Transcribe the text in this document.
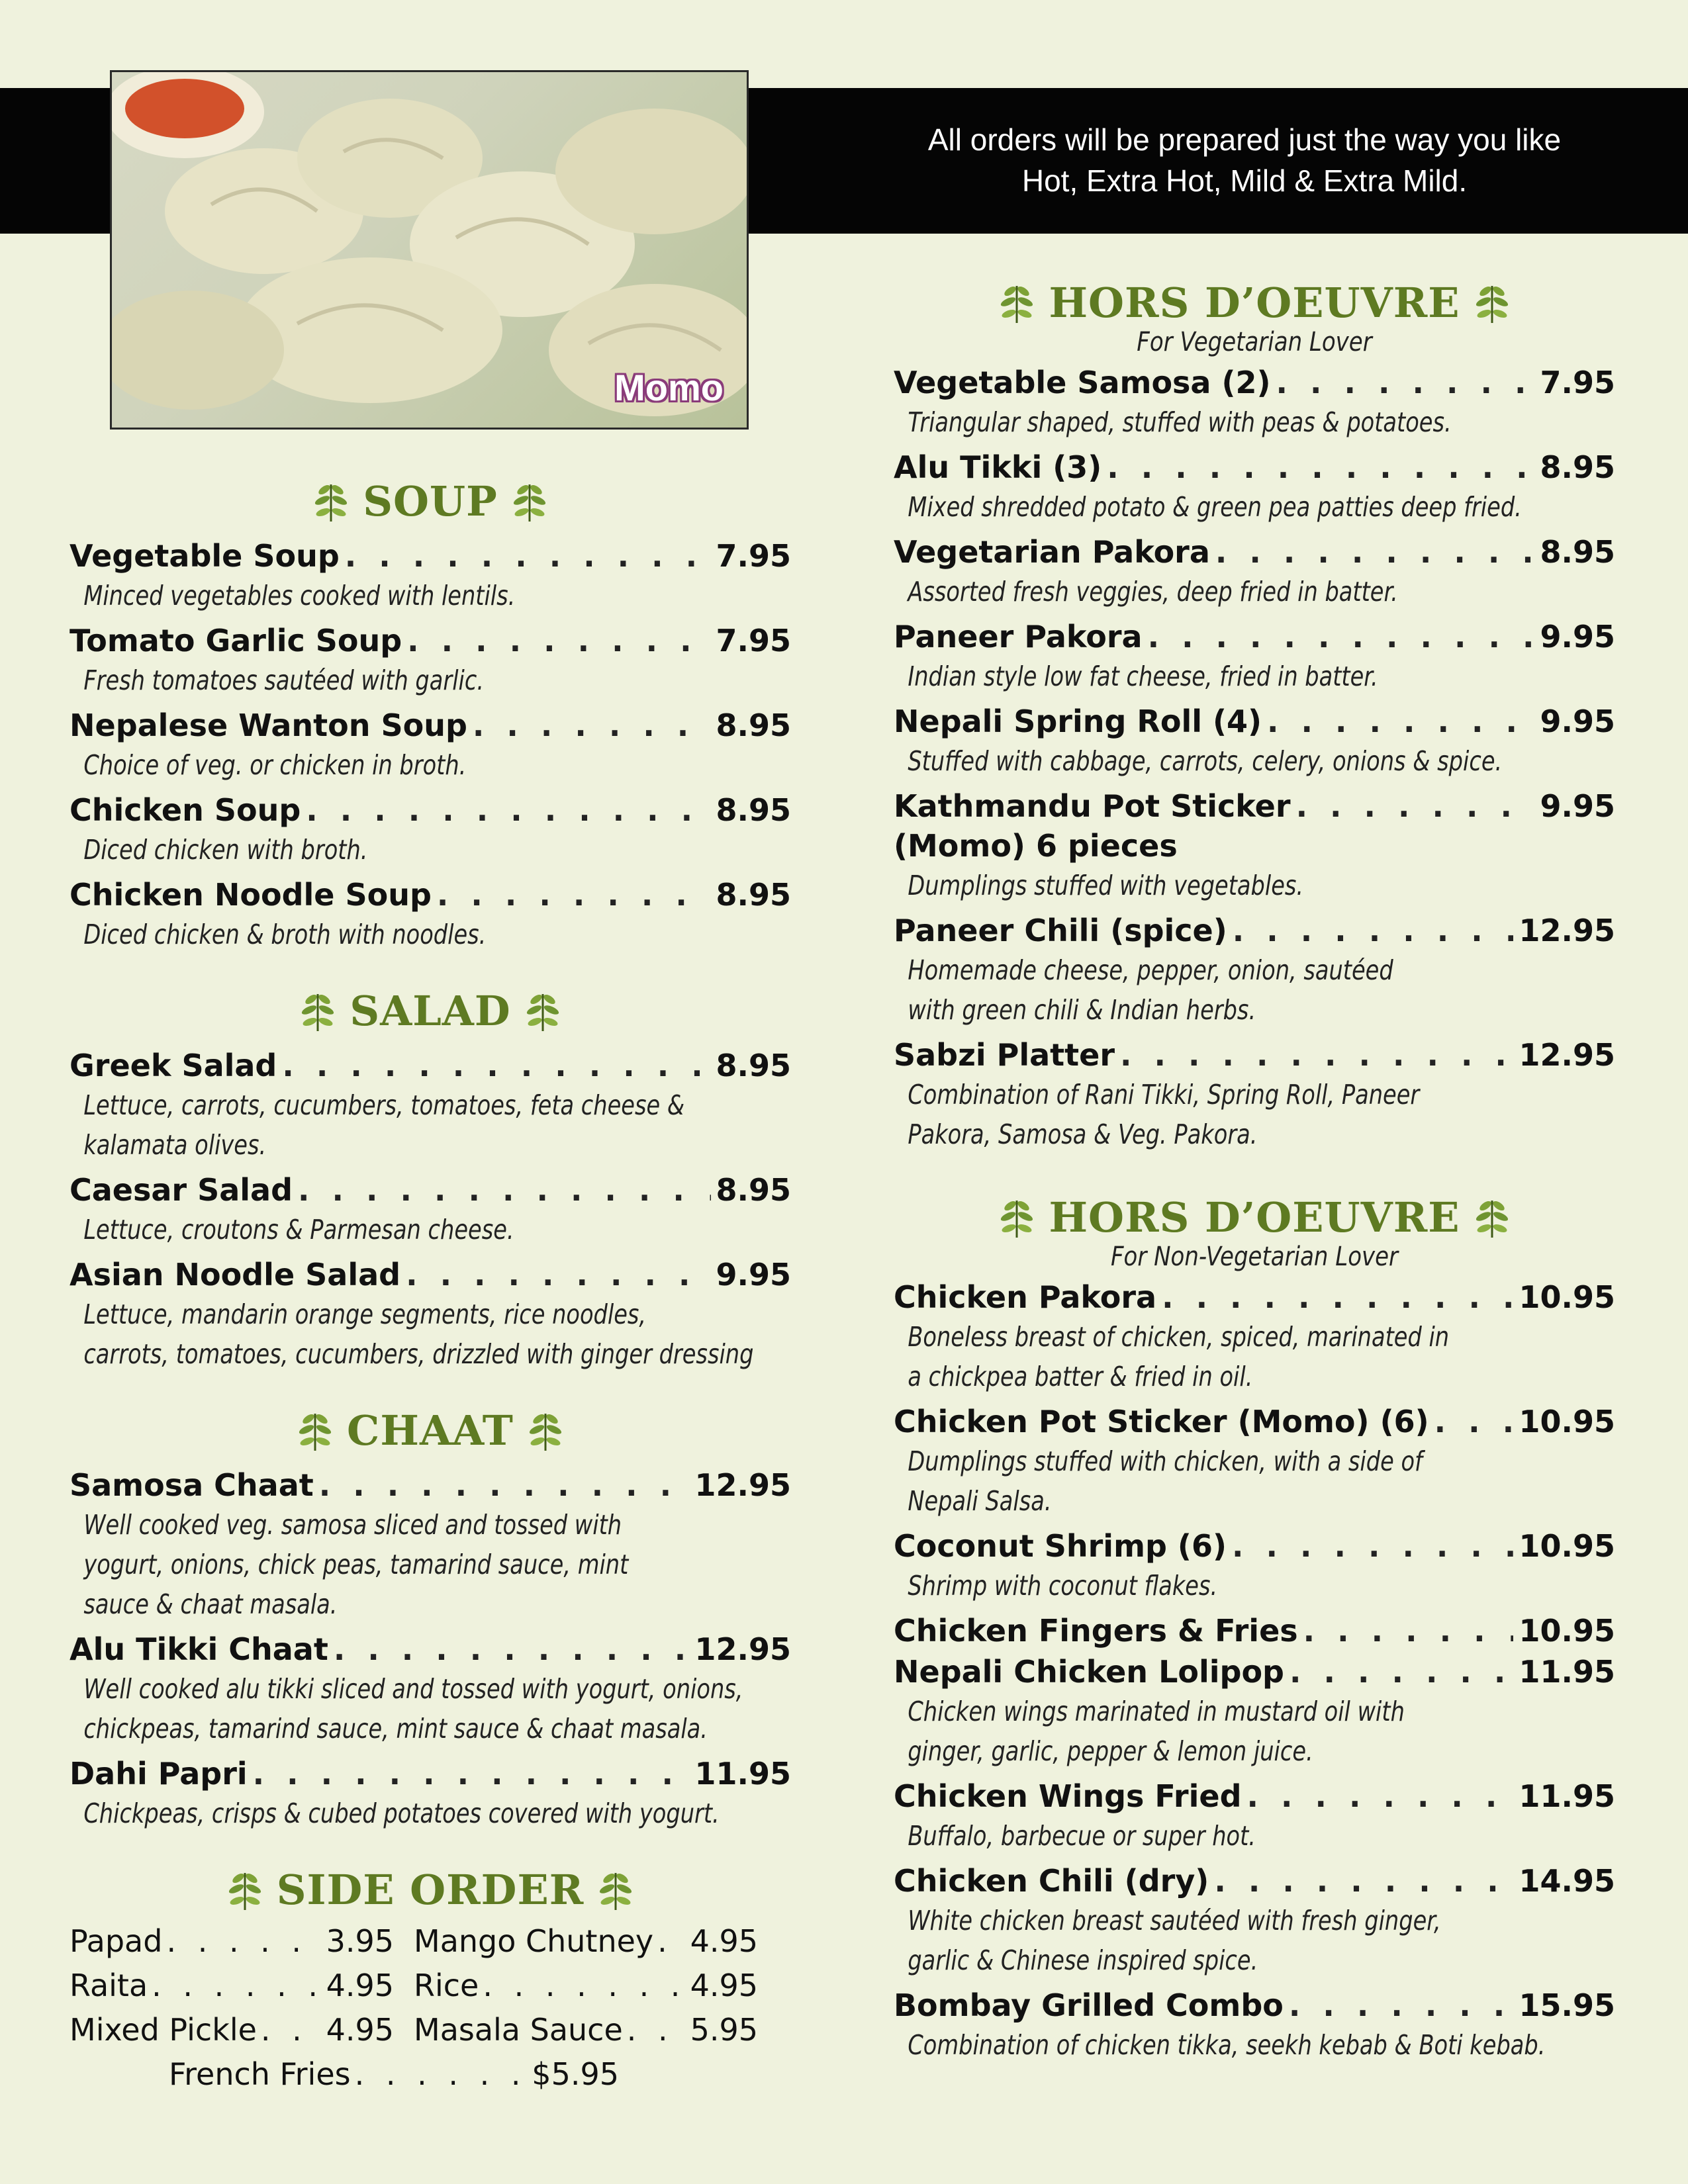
All orders will be prepared just the way you like
Hot, Extra Hot, Mild & Extra Mild.
Momo
SOUP
Vegetable Soup . . .	7.95
Minced vegetables cooked with lentils.
Tomato Garlic Soup . . .	7.95
Fresh tomatoes sautéed with garlic.
Nepalese Wanton Soup . . .	8.95
Choice of veg. or chicken in broth.
Chicken Soup . . .	8.95
Diced chicken with broth.
Chicken Noodle Soup . . .	8.95
Diced chicken & broth with noodles.
SALAD
Greek Salad . . .	8.95
Lettuce, carrots, cucumbers, tomatoes, feta cheese &
kalamata olives.
Caesar Salad . . .	8.95
Lettuce, croutons & Parmesan cheese.
Asian Noodle Salad . . .	9.95
Lettuce, mandarin orange segments, rice noodles,
carrots, tomatoes, cucumbers, drizzled with ginger dressing
CHAAT
Samosa Chaat . . .	12.95
Well cooked veg. samosa sliced and tossed with
yogurt, onions, chick peas, tamarind sauce, mint
sauce & chaat masala.
Alu Tikki Chaat . . .	12.95
Well cooked alu tikki sliced and tossed with yogurt, onions,
chickpeas, tamarind sauce, mint sauce & chaat masala.
Dahi Papri . . .	11.95
Chickpeas, crisps & cubed potatoes covered with yogurt.
SIDE ORDER
Papad . . .	3.95 Mango Chutney . . . 4.95
Raita . . .	4.95 Rice . . .	4.95
Mixed Pickle . . . 4.95 Masala Sauce . . . 5.95
French Fries . . .	$5.95
HORS D’OEUVRE
For Vegetarian Lover
Vegetable Samosa (2) . . .	7.95
Triangular shaped, stuffed with peas & potatoes.
Alu Tikki (3) . . .	8.95
Mixed shredded potato & green pea patties deep fried.
Vegetarian Pakora . . .	8.95
Assorted fresh veggies, deep fried in batter.
Paneer Pakora . . .	9.95
Indian style low fat cheese, fried in batter.
Nepali Spring Roll (4) . . .	9.95
Stuffed with cabbage, carrots, celery, onions & spice.
Kathmandu Pot Sticker . . .	9.95
(Momo) 6 pieces
Dumplings stuffed with vegetables.
Paneer Chili (spice) . . .	12.95
Homemade cheese, pepper, onion, sautéed
with green chili & Indian herbs.
Sabzi Platter . . .	12.95
Combination of Rani Tikki, Spring Roll, Paneer
Pakora, Samosa & Veg. Pakora.
HORS D’OEUVRE
For Non-Vegetarian Lover
Chicken Pakora . . .	10.95
Boneless breast of chicken, spiced, marinated in
a chickpea batter & fried in oil.
Chicken Pot Sticker (Momo) (6) . . .	10.95
Dumplings stuffed with chicken, with a side of
Nepali Salsa.
Coconut Shrimp (6) . . .	10.95
Shrimp with coconut flakes.
Chicken Fingers & Fries . . .	10.95
Nepali Chicken Lolipop . . .	11.95
Chicken wings marinated in mustard oil with
ginger, garlic, pepper & lemon juice.
Chicken Wings Fried . . .	11.95
Buffalo, barbecue or super hot.
Chicken Chili (dry) . . .	14.95
White chicken breast sautéed with fresh ginger,
garlic & Chinese inspired spice.
Bombay Grilled Combo . . .	15.95
Combination of chicken tikka, seekh kebab & Boti kebab.
